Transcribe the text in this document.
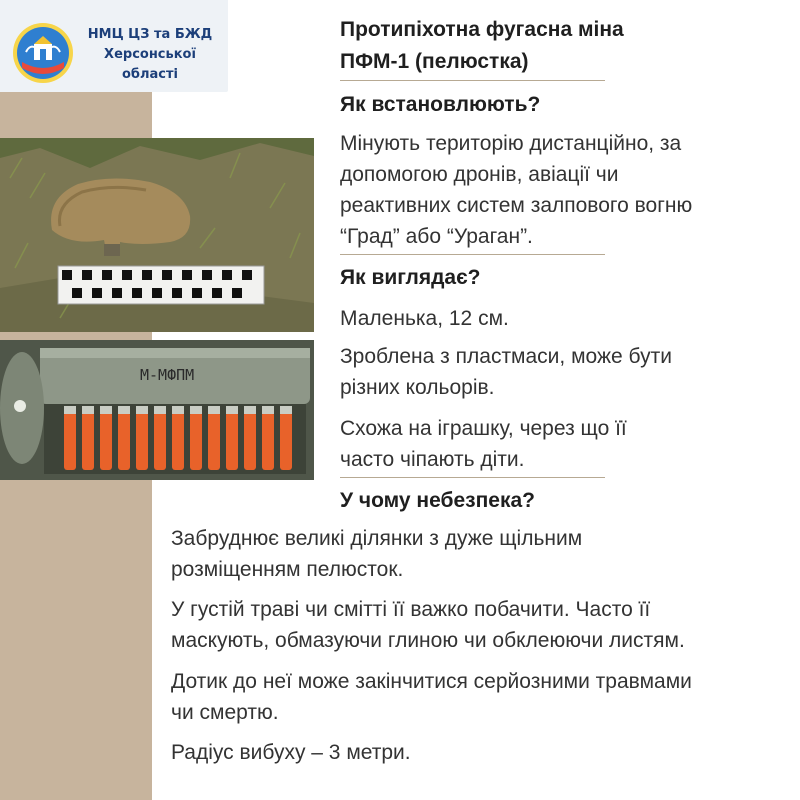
НМЦ ЦЗ та БЖД
Херсонської
області
М-МФПМ
Протипіхотна фугасна міна
ПФМ-1 (пелюстка)
Як встановлюють?
Мінують територію дистанційно, за
допомогою дронів, авіації чи
реактивних систем залпового вогню
“Град” або “Ураган”.
Як виглядає?
Маленька, 12 см.
Зроблена з пластмаси, може бути
різних кольорів.
Схожа на іграшку, через що її
часто чіпають діти.
У чому небезпека?
Забруднює великі ділянки з дуже щільним
розміщенням пелюсток.
У густій траві чи смітті її важко побачити. Часто її
маскують, обмазуючи глиною чи обклеюючи листям.
Дотик до неї може закінчитися серйозними травмами
чи смертю.
Радіус вибуху – 3 метри.
